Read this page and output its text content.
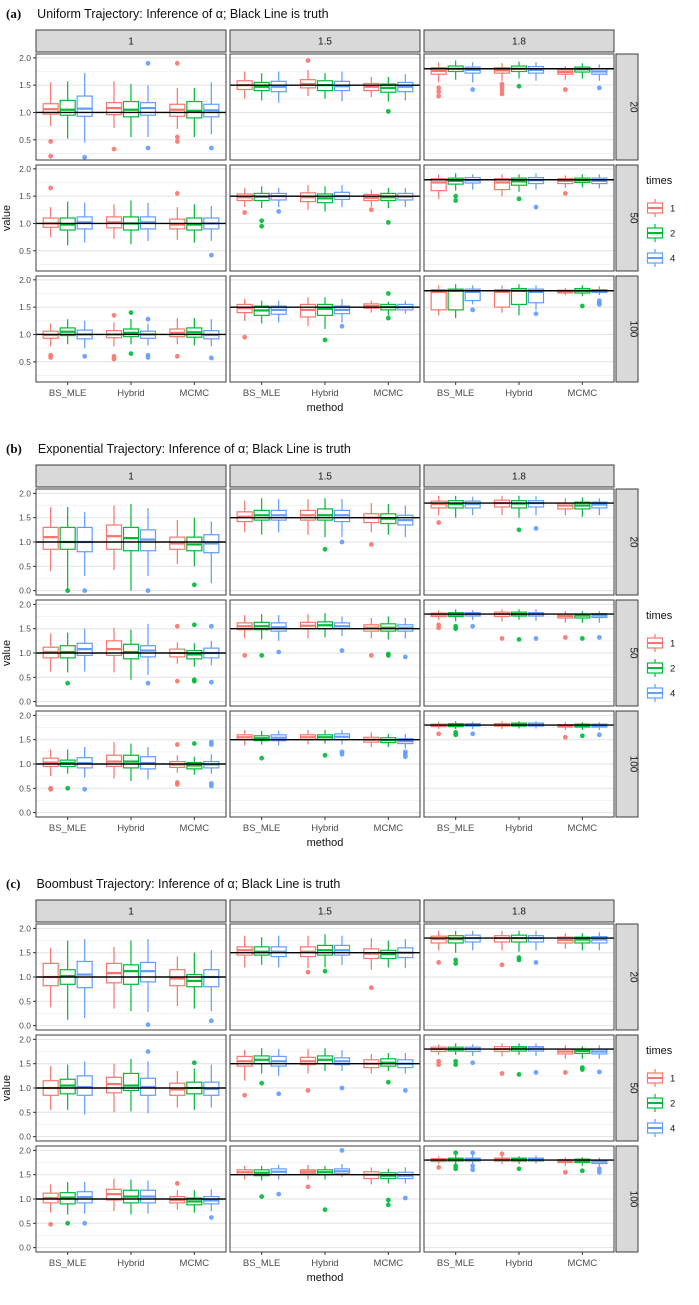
(a) Uniform Trajectory: Inference of α; Black Line is truth
1	1.5	1.8
20
50
100
0.5
1.0
1.5
2.0
0.5
1.0
1.5
2.0
0.5
1.0
1.5
2.0
BS_MLE	Hybrid	MCMC	BS_MLE	Hybrid	MCMC	BS_MLE	Hybrid	MCMC
method
value
times
1
2
4
(b) Exponential Trajectory: Inference of α; Black Line is truth
1	1.5	1.8
20
50
100
0.0
0.5
1.0
1.5
2.0
0.0
0.5
1.0
1.5
2.0
0.0
0.5
1.0
1.5
2.0
BS_MLE	Hybrid	MCMC	BS_MLE	Hybrid	MCMC	BS_MLE	Hybrid	MCMC
method
value
times
1
2
4
(c) Boombust Trajectory: Inference of α; Black Line is truth
1	1.5	1.8
20
50
100
0.0
0.5
1.0
1.5
2.0
0.0
0.5
1.0
1.5
2.0
0.0
0.5
1.0
1.5
2.0
BS_MLE	Hybrid	MCMC	BS_MLE	Hybrid	MCMC	BS_MLE	Hybrid	MCMC
method
value
times
1
2
4
